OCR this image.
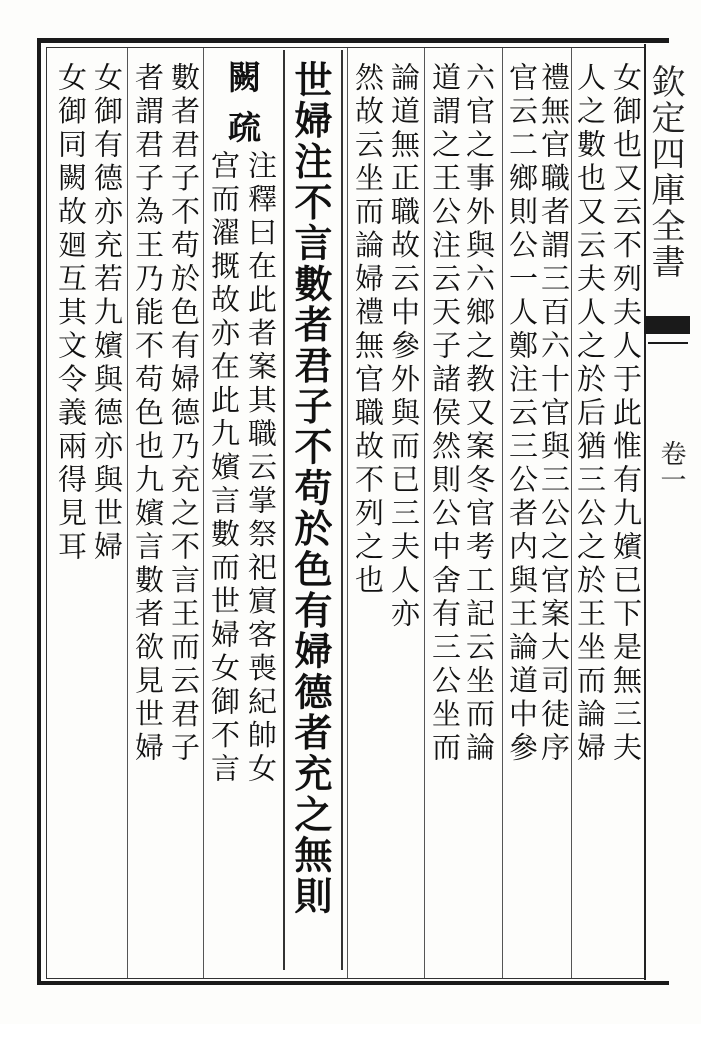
欽定四庫全書
卷一
人之數也又云夫人之於后猶三公之於王坐而論婦 女御也又云不列夫人于此惟有九嬪已下是無三夫
官云二鄉則公一人鄭注云三公者内與王論道中參
禮無官職者謂三百六十官與三公之官案大司徒序
道謂之王公注云天子諸侯然則公中舍有三公坐而 六官之事外與六鄉之教又案冬官考工記云坐而論
然故云坐而論婦禮無官職故不列之也 論道無正職故云中參外與而已三夫人亦
世婦注不言數者君子不苟於色有婦德者充之無則
闕
疏
注釋曰在此者案其職云掌祭祀賔客喪紀帥女
宫而濯摡故亦在此九嬪言數而世婦女御不言
數者君子不苟於色有婦德乃充之不言王而云君子
者謂君子為王乃能不苟色也九嬪言數者欲見世婦
女御有德亦充若九嬪與德亦與世婦
女御同闕故廻互其文令義兩得見耳
